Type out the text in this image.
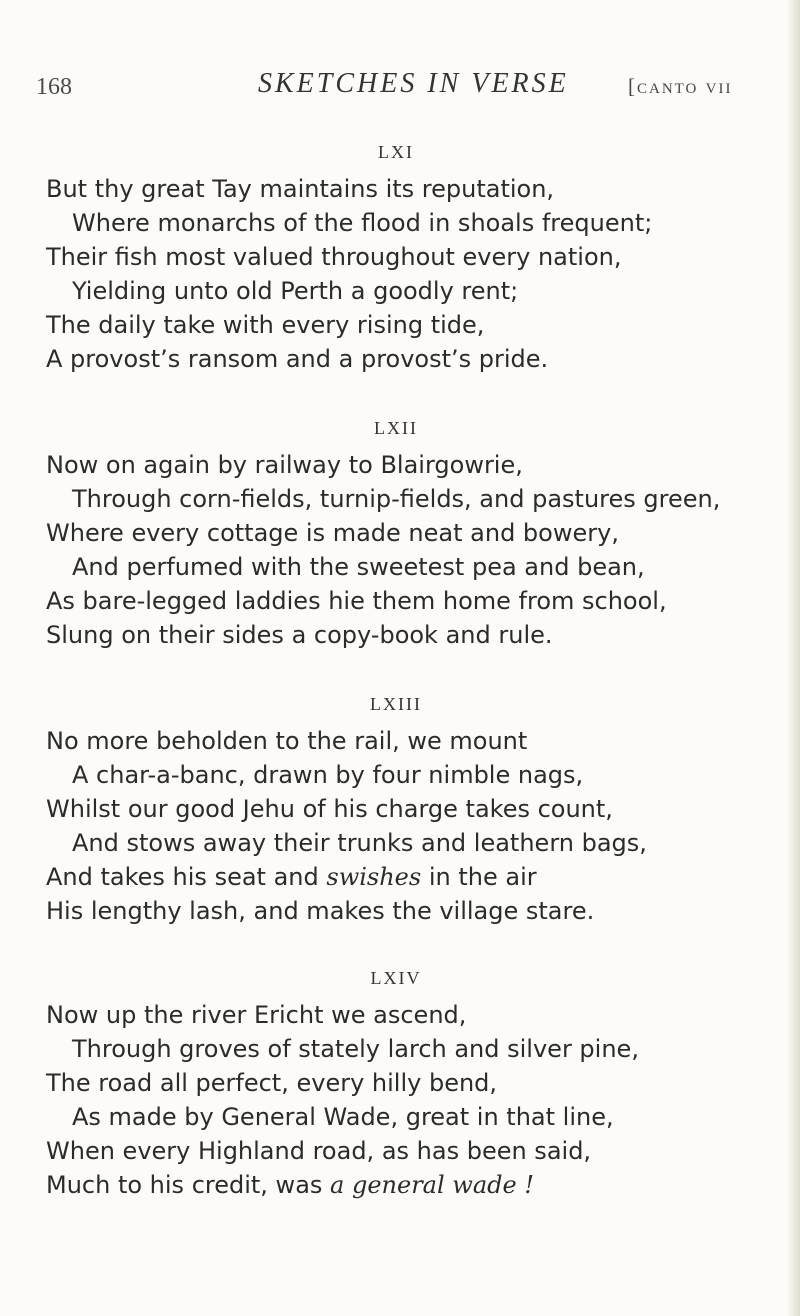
168	SKETCHES IN VERSE	[canto vii
LXI
But thy great Tay maintains its reputation,
Where monarchs of the flood in shoals frequent;
Their fish most valued throughout every nation,
Yielding unto old Perth a goodly rent;
The daily take with every rising tide,
A provost’s ransom and a provost’s pride.
LXII
Now on again by railway to Blairgowrie,
Through corn-fields, turnip-fields, and pastures green,
Where every cottage is made neat and bowery,
And perfumed with the sweetest pea and bean,
As bare-legged laddies hie them home from school,
Slung on their sides a copy-book and rule.
LXIII
No more beholden to the rail, we mount
A char-a-banc, drawn by four nimble nags,
Whilst our good Jehu of his charge takes count,
And stows away their trunks and leathern bags,
And takes his seat and swishes in the air
His lengthy lash, and makes the village stare.
LXIV
Now up the river Ericht we ascend,
Through groves of stately larch and silver pine,
The road all perfect, every hilly bend,
As made by General Wade, great in that line,
When every Highland road, as has been said,
Much to his credit, was a general wade !
